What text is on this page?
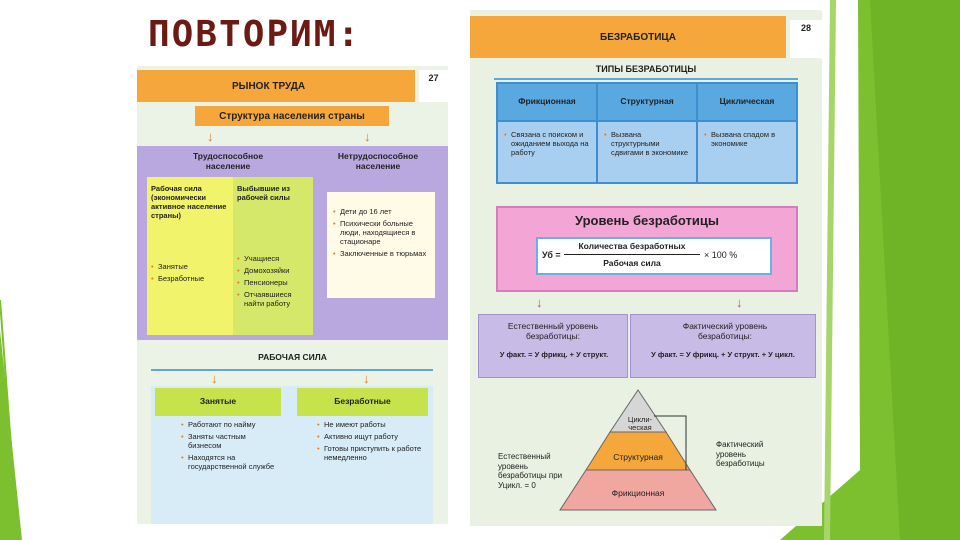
ПОВТОРИМ:
РЫНОК ТРУДА
27
Структура населения страны
↓	↓
Трудоспособное население
Нетрудоспособное население
Рабочая сила (экономически активное население страны)
• Занятые
• Безработные
Выбывшие из рабочей силы
• Учащиеся
• Домохозяйки
• Пенсионеры
• Отчаявшиеся найти работу
• Дети до 16 лет
• Психически больные люди, находящиеся в стационаре
• Заключенные в тюрьмах
РАБОЧАЯ СИЛА
↓	↓
Занятые	Безработные
• Работают по найму
• Заняты частным бизнесом
• Находятся на государственной службе
• Не имеют работы
• Активно ищут работу
• Готовы приступить к работе немедленно
БЕЗРАБОТИЦА
28
ТИПЫ БЕЗРАБОТИЦЫ
Фрикционная	Структурная	Циклическая
• Связана с поиском и ожиданием выхода на работу
• Вызвана структурными сдвигами в экономике
• Вызвана спадом в экономике
Уровень безработицы
Уб =
Количества безработных
Рабочая сила
× 100 %
↓	↓
Естественный уровень безработицы:
У факт. = У фрикц. + У структ.
Фактический уровень безработицы:
У факт. = У фрикц. + У структ. + У цикл.
Цикли-ческая
Структурная
Фрикционная
Естественный уровень безработицы при Уцикл. = 0
Фактический уровень безработицы
